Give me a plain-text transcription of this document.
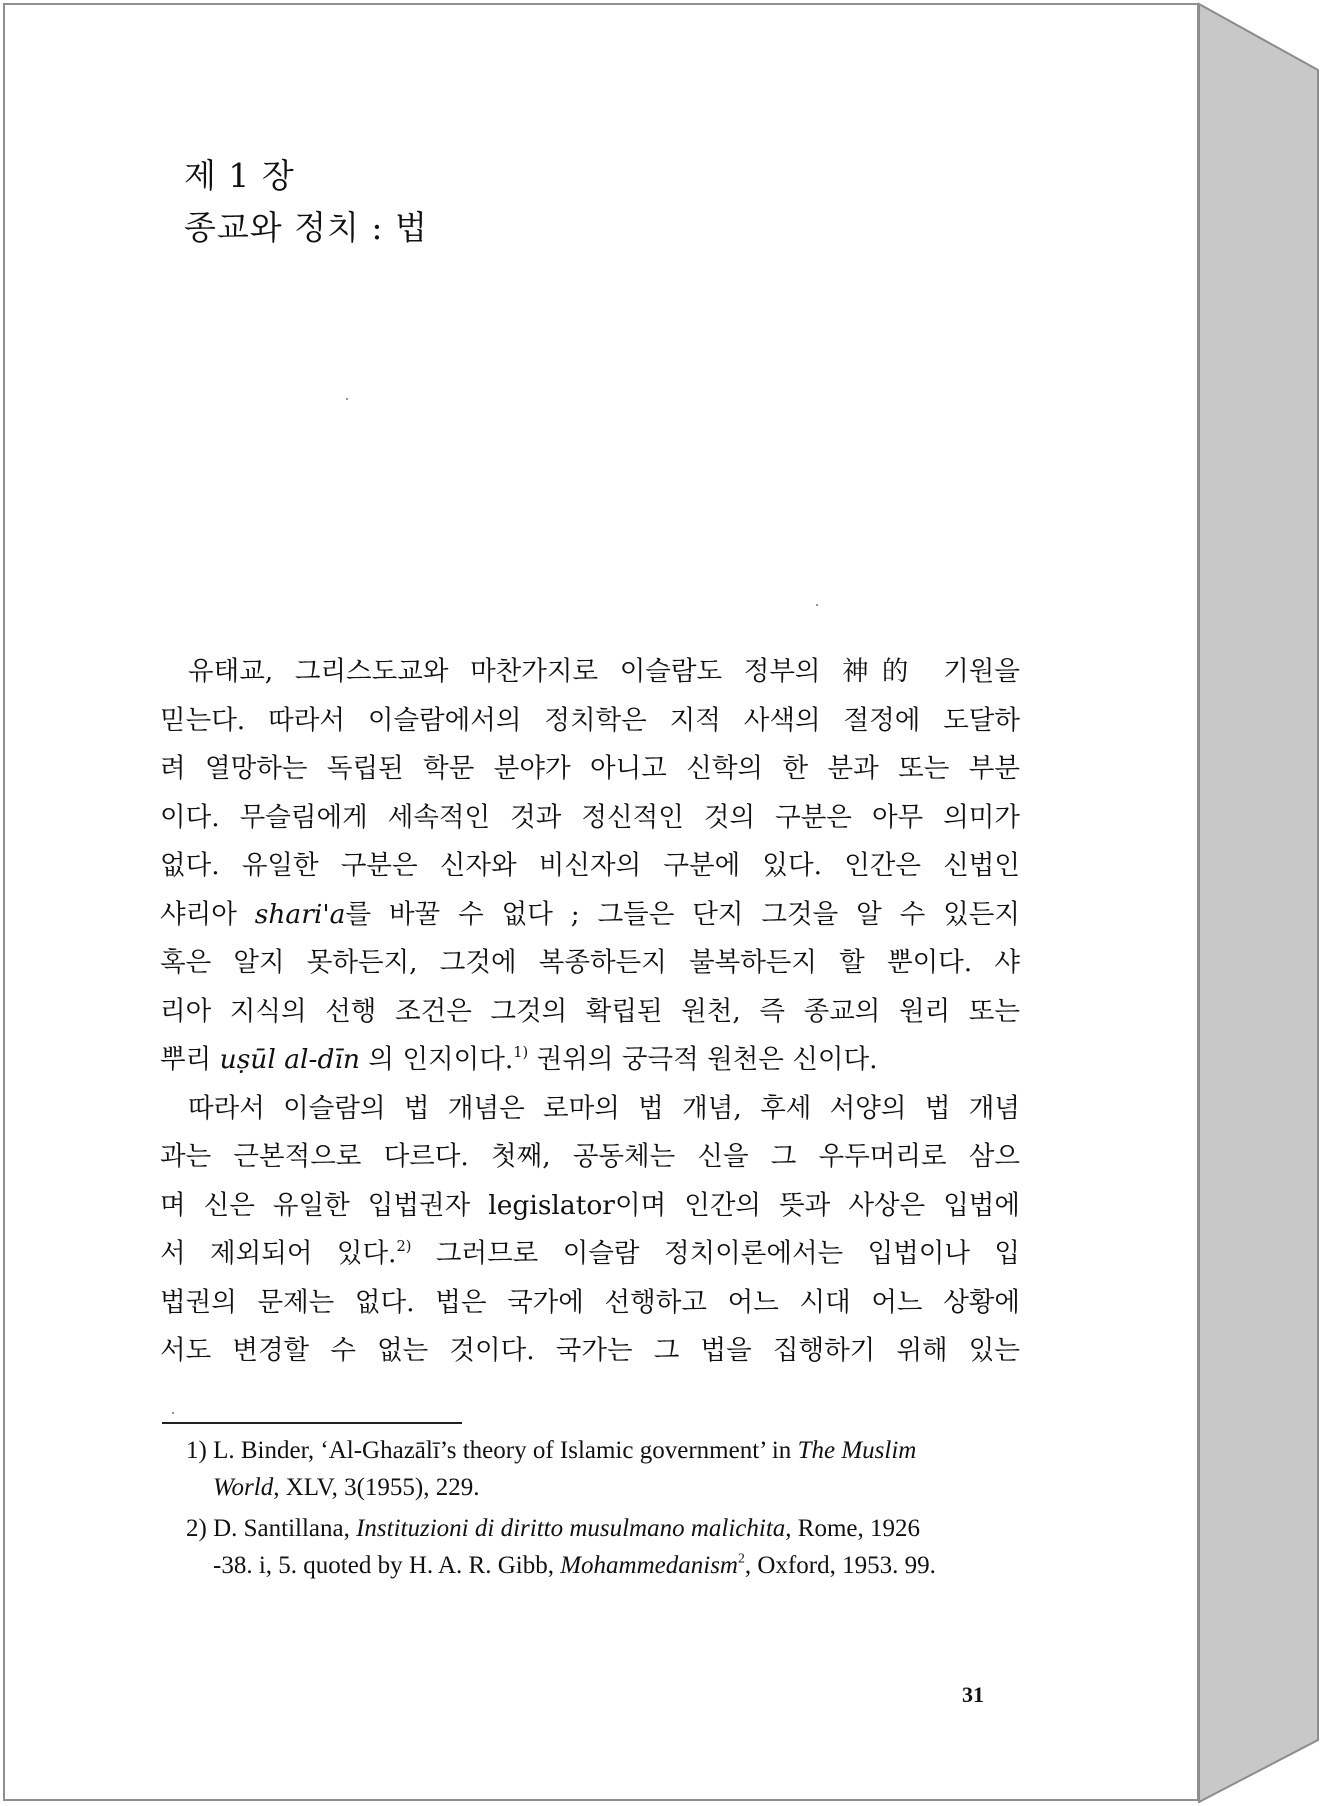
제 1 장
종교와 정치 : 법
유태교, 그리스도교와 마찬가지로 이슬람도 정부의 神的 기원을
믿는다. 따라서 이슬람에서의 정치학은 지적 사색의 절정에 도달하
려 열망하는 독립된 학문 분야가 아니고 신학의 한 분과 또는 부분
이다. 무슬림에게 세속적인 것과 정신적인 것의 구분은 아무 의미가
없다. 유일한 구분은 신자와 비신자의 구분에 있다. 인간은 신법인
샤리아 shari'a를 바꿀 수 없다 ; 그들은 단지 그것을 알 수 있든지
혹은 알지 못하든지, 그것에 복종하든지 불복하든지 할 뿐이다. 샤
리아 지식의 선행 조건은 그것의 확립된 원천, 즉 종교의 원리 또는
뿌리 uṣūl al-dīn 의 인지이다.$^{1)}$ 권위의 궁극적 원천은 신이다.
따라서 이슬람의 법 개념은 로마의 법 개념, 후세 서양의 법 개념
과는 근본적으로 다르다. 첫째, 공동체는 신을 그 우두머리로 삼으
며 신은 유일한 입법권자 legislator이며 인간의 뜻과 사상은 입법에
서 제외되어 있다.$^{2)}$ 그러므로 이슬람 정치이론에서는 입법이나 입
법권의 문제는 없다. 법은 국가에 선행하고 어느 시대 어느 상황에
서도 변경할 수 없는 것이다. 국가는 그 법을 집행하기 위해 있는
1) L. Binder, ‘Al-Ghazālī’s theory of Islamic government’ in The Muslim
World, XLV, 3(1955), 229.
2) D. Santillana, Instituzioni di diritto musulmano malichita, Rome, 1926
-38. i, 5. quoted by H. A. R. Gibb, Mohammedanism$^2$, Oxford, 1953. 99.
31
